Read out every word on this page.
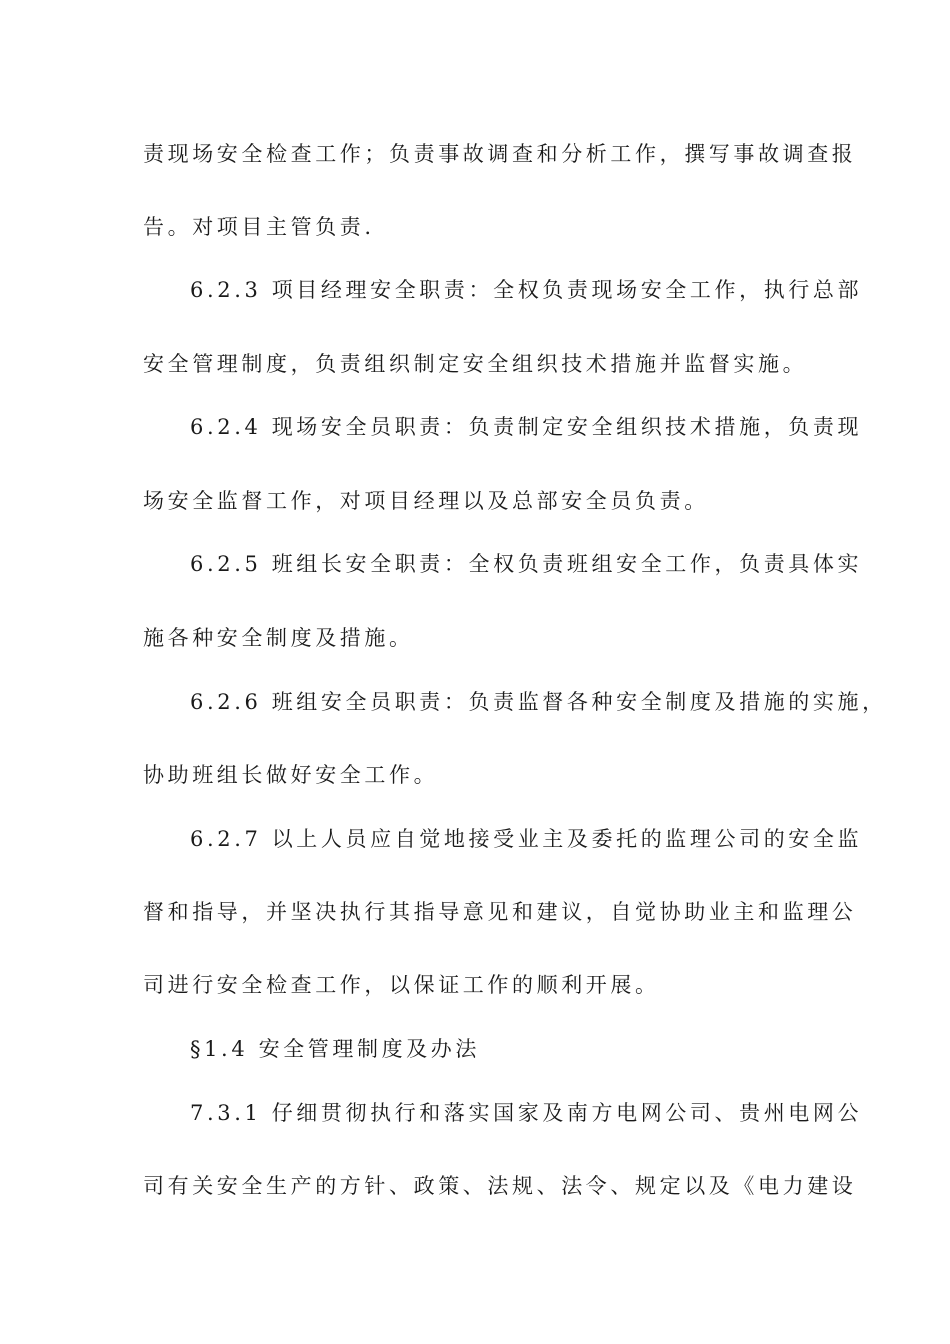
责现场安全检查工作；负责事故调查和分析工作，撰写事故调查报
告。对项目主管负责.
6.2.3 项目经理安全职责：全权负责现场安全工作，执行总部
安全管理制度，负责组织制定安全组织技术措施并监督实施。
6.2.4 现场安全员职责：负责制定安全组织技术措施，负责现
场安全监督工作，对项目经理以及总部安全员负责。
6.2.5 班组长安全职责：全权负责班组安全工作，负责具体实
施各种安全制度及措施。
6.2.6 班组安全员职责：负责监督各种安全制度及措施的实施，
协助班组长做好安全工作。
6.2.7 以上人员应自觉地接受业主及委托的监理公司的安全监
督和指导，并坚决执行其指导意见和建议，自觉协助业主和监理公
司进行安全检查工作，以保证工作的顺利开展。
§1.4 安全管理制度及办法
7.3.1 仔细贯彻执行和落实国家及南方电网公司、贵州电网公
司有关安全生产的方针、政策、法规、法令、规定以及《电力建设
